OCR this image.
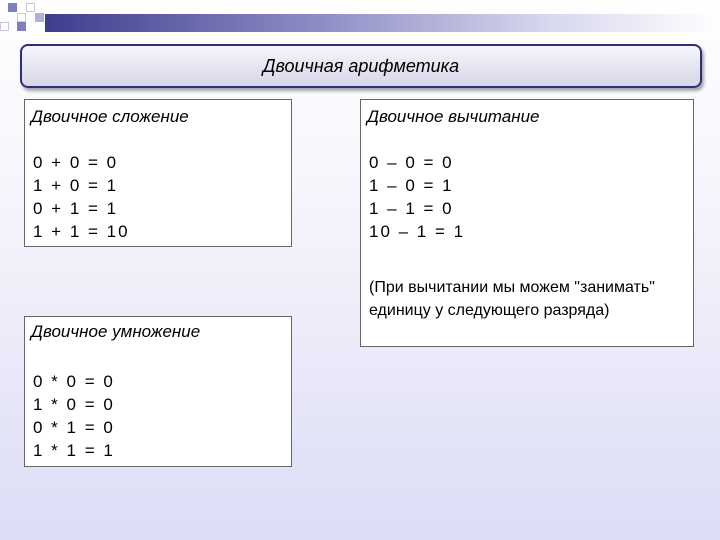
Двоичная арифметика
Двоичное сложение
0 + 0 = 0
1 + 0 = 1
0 + 1 = 1
1 + 1 = 10
Двоичное вычитание
0 – 0 = 0
1 – 0 = 1
1 – 1 = 0
10 – 1 = 1
(При вычитании мы можем "занимать" единицу у следующего разряда)
Двоичное умножение
0 * 0 = 0
1 * 0 = 0
0 * 1 = 0
1 * 1 = 1
